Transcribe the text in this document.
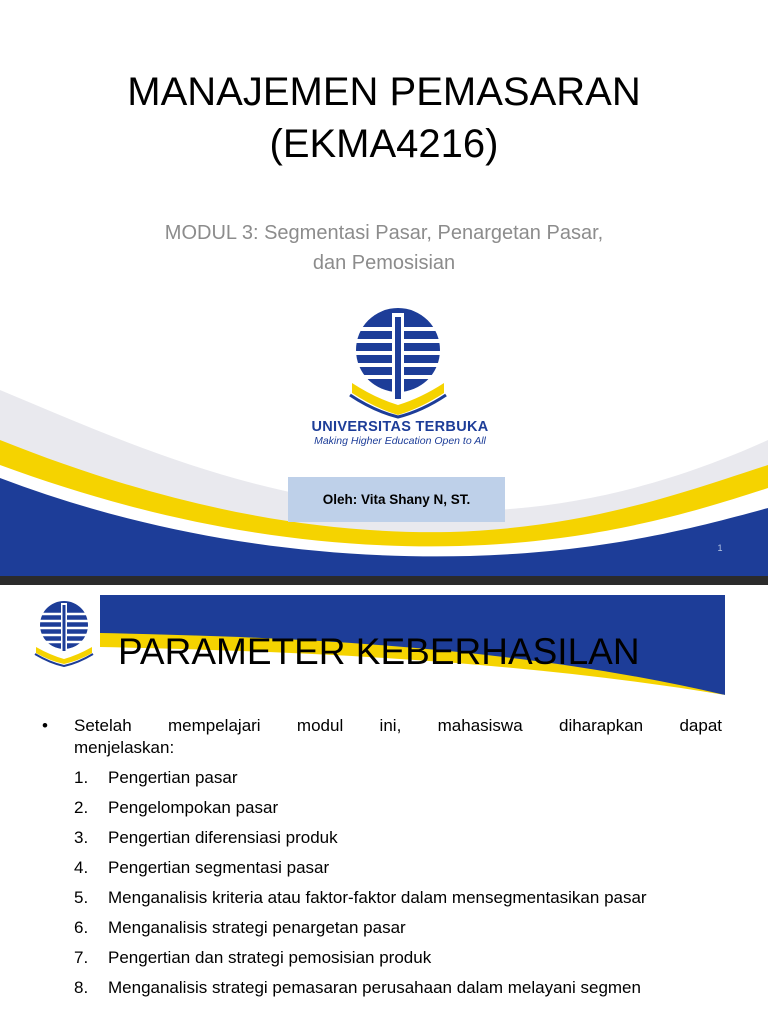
MANAJEMEN PEMASARAN
(EKMA4216)
MODUL 3: Segmentasi Pasar, Penargetan Pasar,
dan Pemosisian
UNIVERSITAS TERBUKA
Making Higher Education Open to All
Oleh: Vita Shany N, ST.
1
PARAMETER KEBERHASILAN
•	Setelah mempelajari modul ini, mahasiswa diharapkan dapat
menjelaskan:
1.	Pengertian pasar
2.	Pengelompokan pasar
3.	Pengertian diferensiasi produk
4.	Pengertian segmentasi pasar
5.	Menganalisis kriteria atau faktor-faktor dalam mensegmentasikan pasar
6.	Menganalisis strategi penargetan pasar
7.	Pengertian dan strategi pemosisian produk
8.	Menganalisis strategi pemasaran perusahaan dalam melayani segmen
